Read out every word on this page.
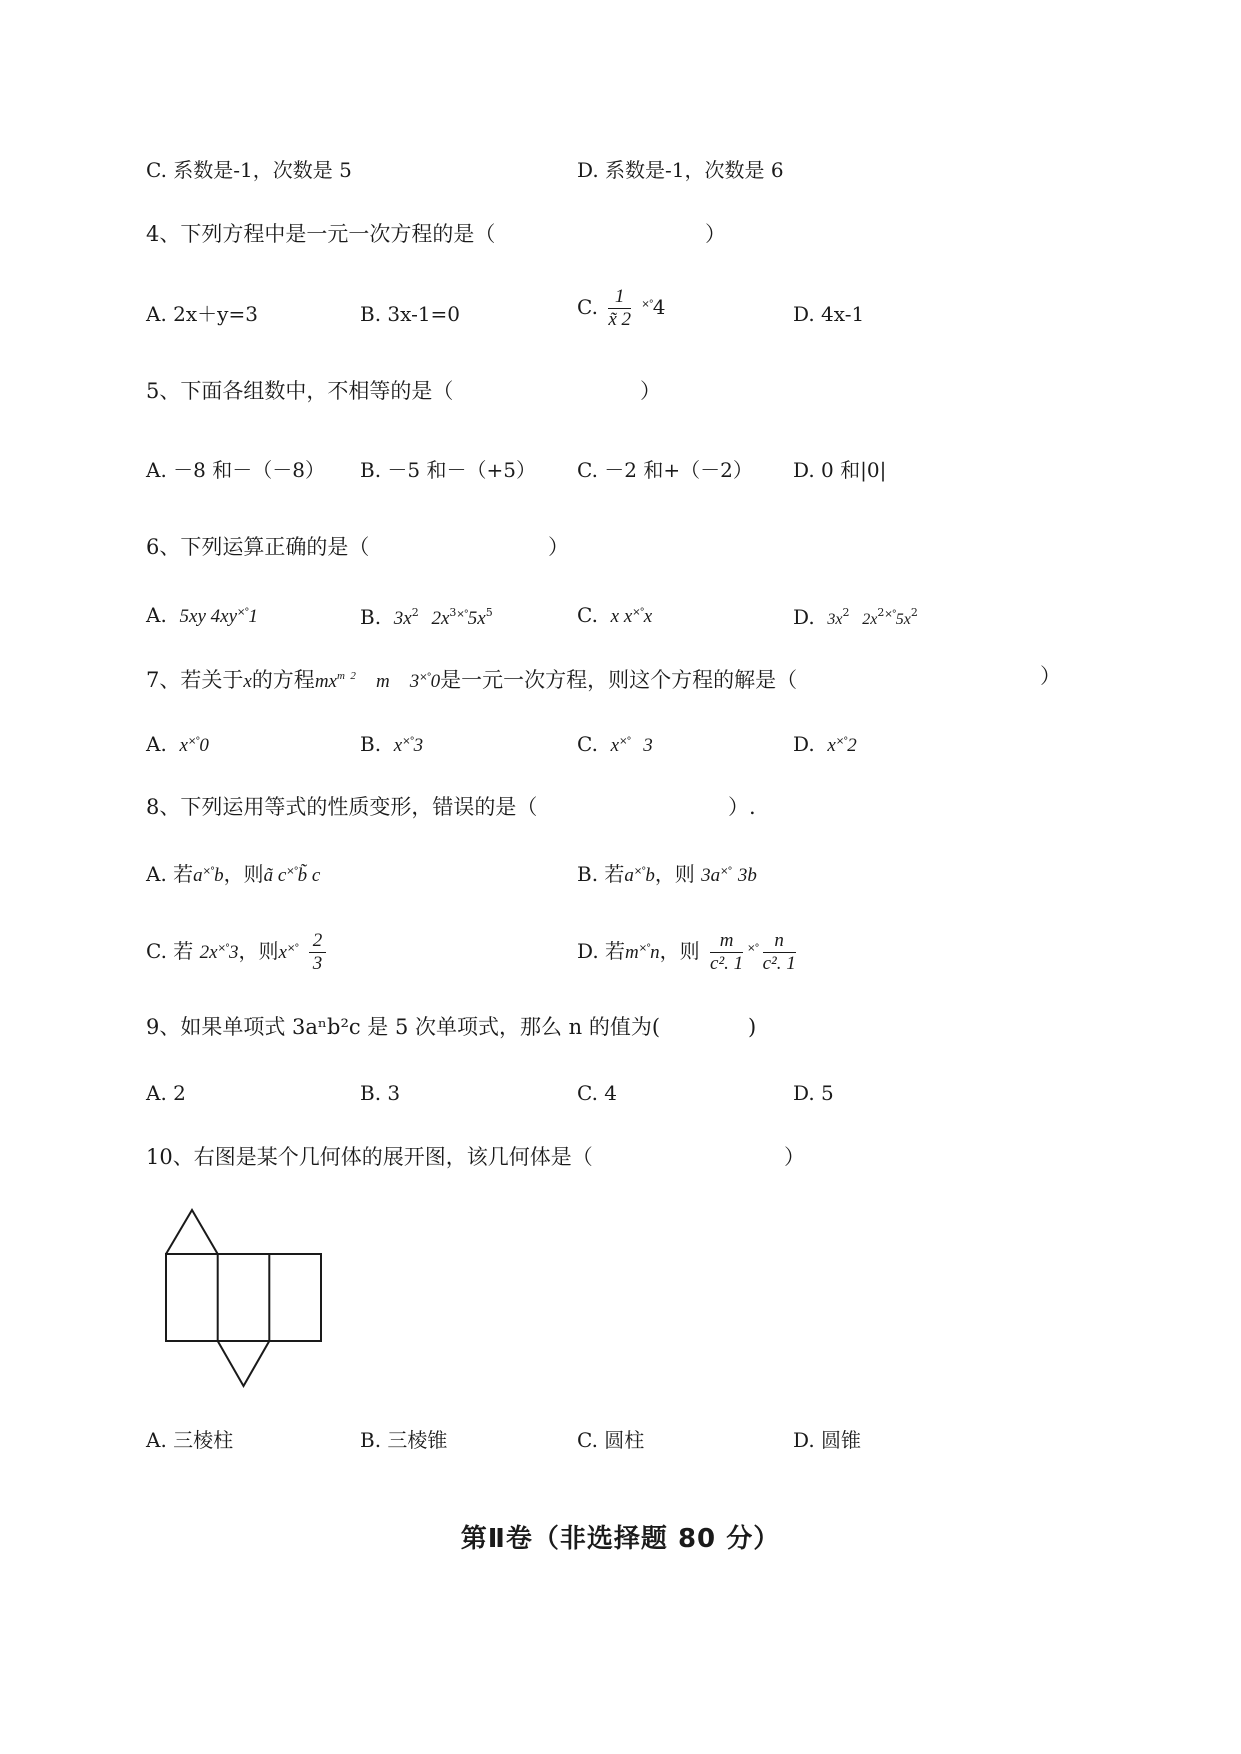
C. 系数是-1，次数是 5	D. 系数是-1，次数是 6
4、下列方程中是一元一次方程的是（	）
A. 2x＋y=3	B. 3x-1=0	C. $\frac{1}{x̃ 2} ^{\times^\circ}4$	D. 4x-1
5、下面各组数中，不相等的是（	）
A. －8 和－（－8） B. －5 和－（+5） C. －2 和+（－2） D. 0 和|0|
6、下列运算正确的是（	）
A. 5xy 4xy×°1	B. $3x^2$ $2x^{3\times^\circ}5x^5$	C. x x×°x	D. $3x^2$ $2x^{2\times^\circ}5x^2$
7、若关于x的方程$mx^{m 2}$ m 3×°0是一元一次方程，则这个方程的解是（	）
A. x×°0	B. x×°3	C. x×° 3	D. x×°2
8、下列运用等式的性质变形，错误的是（	）.
A. 若a×°b，则ã c×°b̃ c	B. 若a×°b，则 3a×° 3b
C. 若 2x×°3，则$x^{\times^\circ} \frac{2}{3}$	D. 若m×°n，则 $\frac{m}{\text{c². 1}} ^{\times^\circ} \frac{n}{\text{c². 1}}$
9、如果单项式 3aⁿb²c 是 5 次单项式，那么 n 的值为(	)
A. 2	B. 3	C. 4	D. 5
10、右图是某个几何体的展开图，该几何体是（	）
A. 三棱柱	B. 三棱锥	C. 圆柱	D. 圆锥
第Ⅱ卷（非选择题 80 分）
